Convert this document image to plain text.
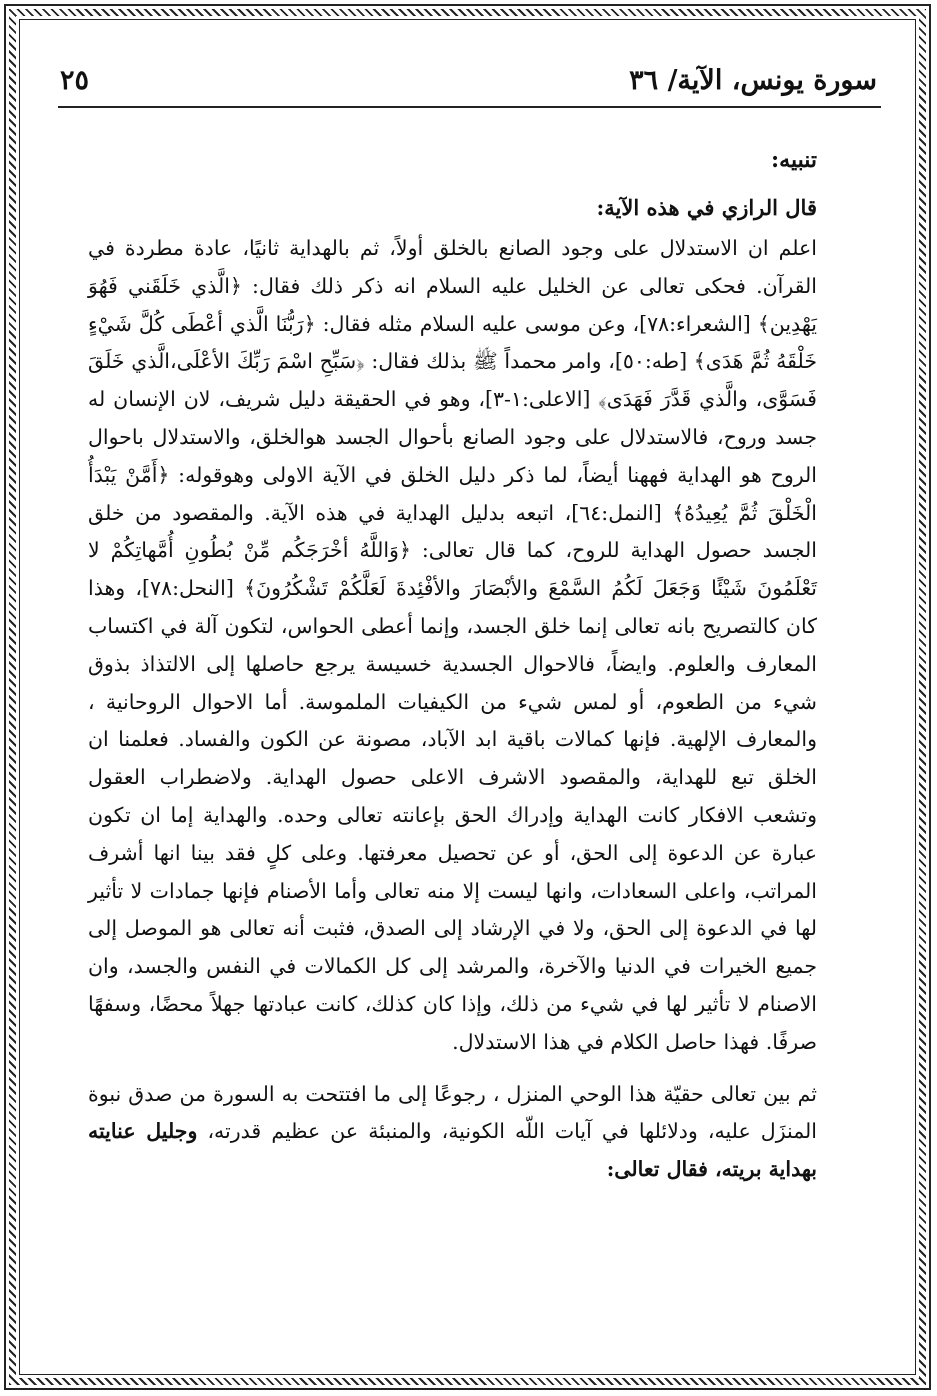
سورة يونس، الآية/ ٣٦
٢٥
تنبيه:
قال الرازي في هذه الآية:

اعلم ان الاستدلال على وجود الصانع بالخلق أولاً، ثم بالهداية ثانيًا، عادة مطردة في القرآن. فحكى تعالى عن الخليل عليه السلام انه ذكر ذلك فقال: ﴿الَّذي خَلَقَني فَهُوَ يَهْدِين﴾ [الشعراء:٧٨]، وعن موسى عليه السلام مثله فقال: ﴿رَبُّنَا الَّذي أعْطَى كُلَّ شَيْءٍ خَلْقَهُ ثُمَّ هَدَى﴾ [طه:٥٠]، وامر محمداً ﷺ بذلك فقال: ﴿سَبِّحِ اسْمَ رَبِّكَ الأعْلَى،الَّذي خَلَقَ فَسَوَّى، والَّذي قَدَّرَ فَهَدَى﴾ [الاعلى:١-٣]، وهو في الحقيقة دليل شريف، لان الإنسان له جسد وروح، فالاستدلال على وجود الصانع بأحوال الجسد هوالخلق، والاستدلال باحوال الروح هو الهداية فههنا أيضاً، لما ذكر دليل الخلق في الآية الاولى وهوقوله: ﴿أَمَّنْ يَبْدَأُ الْخَلْقَ ثُمَّ يُعِيدُهُ﴾ [النمل:٦٤]، اتبعه بدليل الهداية في هذه الآية. والمقصود من خلق الجسد حصول الهداية للروح، كما قال تعالى: ﴿وَاللَّهُ أخْرَجَكُم مِّنْ بُطُونِ أُمَّهاتِكُمْ لا تَعْلَمُونَ شَيْئًا وَجَعَلَ لَكُمُ السَّمْعَ والأبْصَارَ والأفْئِدةَ لَعَلَّكُمْ تَشْكُرُونَ﴾ [النحل:٧٨]، وهذا كان كالتصريح بانه تعالى إنما خلق الجسد، وإنما أعطى الحواس، لتكون آلة في اكتساب المعارف والعلوم. وايضاً، فالاحوال الجسدية خسيسة يرجع حاصلها إلى الالتذاذ بذوق شيء من الطعوم، أو لمس شيء من الكيفيات الملموسة. أما الاحوال الروحانية ، والمعارف الإلهية. فإنها كمالات باقية ابد الآباد، مصونة عن الكون والفساد. فعلمنا ان الخلق تبع للهداية، والمقصود الاشرف الاعلى حصول الهداية. ولاضطراب العقول وتشعب الافكار كانت الهداية وإدراك الحق بإعانته تعالى وحده. والهداية إما ان تكون عبارة عن الدعوة إلى الحق، أو عن تحصيل معرفتها. وعلى كلٍ فقد بينا انها أشرف المراتب، واعلى السعادات، وانها ليست إلا منه تعالى وأما الأصنام فإنها جمادات لا تأثير لها في الدعوة إلى الحق، ولا في الإرشاد إلى الصدق، فثبت أنه تعالى هو الموصل إلى جميع الخيرات في الدنيا والآخرة، والمرشد إلى كل الكمالات في النفس والجسد، وان الاصنام لا تأثير لها في شيء من ذلك، وإذا كان كذلك، كانت عبادتها جهلاً محضًا، وسفهًا صرفًا. فهذا حاصل الكلام في هذا الاستدلال.

ثم بين تعالى حقيّة هذا الوحي المنزل ، رجوعًا إلى ما افتتحت به السورة من صدق نبوة المنزَل عليه، ودلائلها في آيات اللّه الكونية، والمنبئة عن عظيم قدرته، وجليل عنايته بهداية بريته، فقال تعالى:
